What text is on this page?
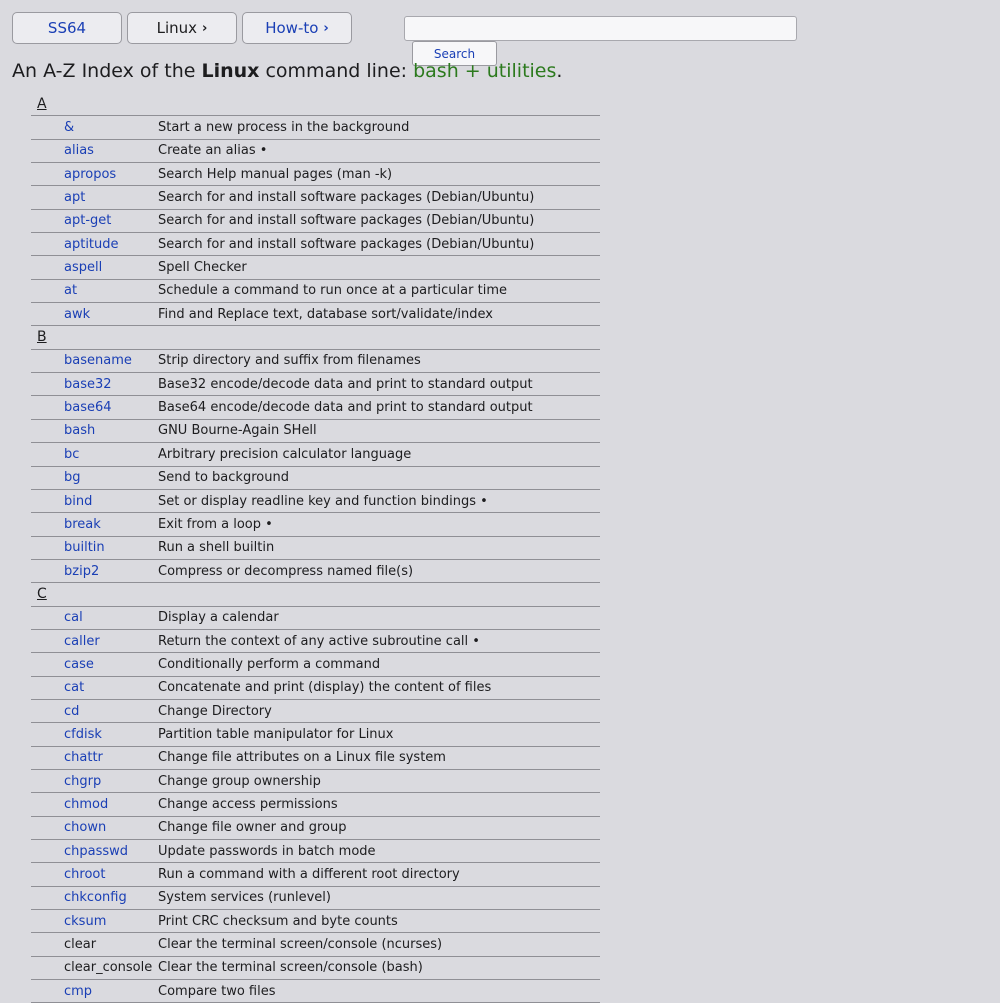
SS64	Linux ›	How-to ›
Search
An A-Z Index of the Linux command line: bash + utilities.
A
&	Start a new process in the background
alias	Create an alias •
apropos	Search Help manual pages (man -k)
apt	Search for and install software packages (Debian/Ubuntu)
apt-get	Search for and install software packages (Debian/Ubuntu)
aptitude	Search for and install software packages (Debian/Ubuntu)
aspell	Spell Checker
at	Schedule a command to run once at a particular time
awk	Find and Replace text, database sort/validate/index
B
basename	Strip directory and suffix from filenames
base32	Base32 encode/decode data and print to standard output
base64	Base64 encode/decode data and print to standard output
bash	GNU Bourne-Again SHell
bc	Arbitrary precision calculator language
bg	Send to background
bind	Set or display readline key and function bindings •
break	Exit from a loop •
builtin	Run a shell builtin
bzip2	Compress or decompress named file(s)
C
cal	Display a calendar
caller	Return the context of any active subroutine call •
case	Conditionally perform a command
cat	Concatenate and print (display) the content of files
cd	Change Directory
cfdisk	Partition table manipulator for Linux
chattr	Change file attributes on a Linux file system
chgrp	Change group ownership
chmod	Change access permissions
chown	Change file owner and group
chpasswd	Update passwords in batch mode
chroot	Run a command with a different root directory
chkconfig	System services (runlevel)
cksum	Print CRC checksum and byte counts
clear	Clear the terminal screen/console (ncurses)
clear_console Clear the terminal screen/console (bash)
cmp	Compare two files
